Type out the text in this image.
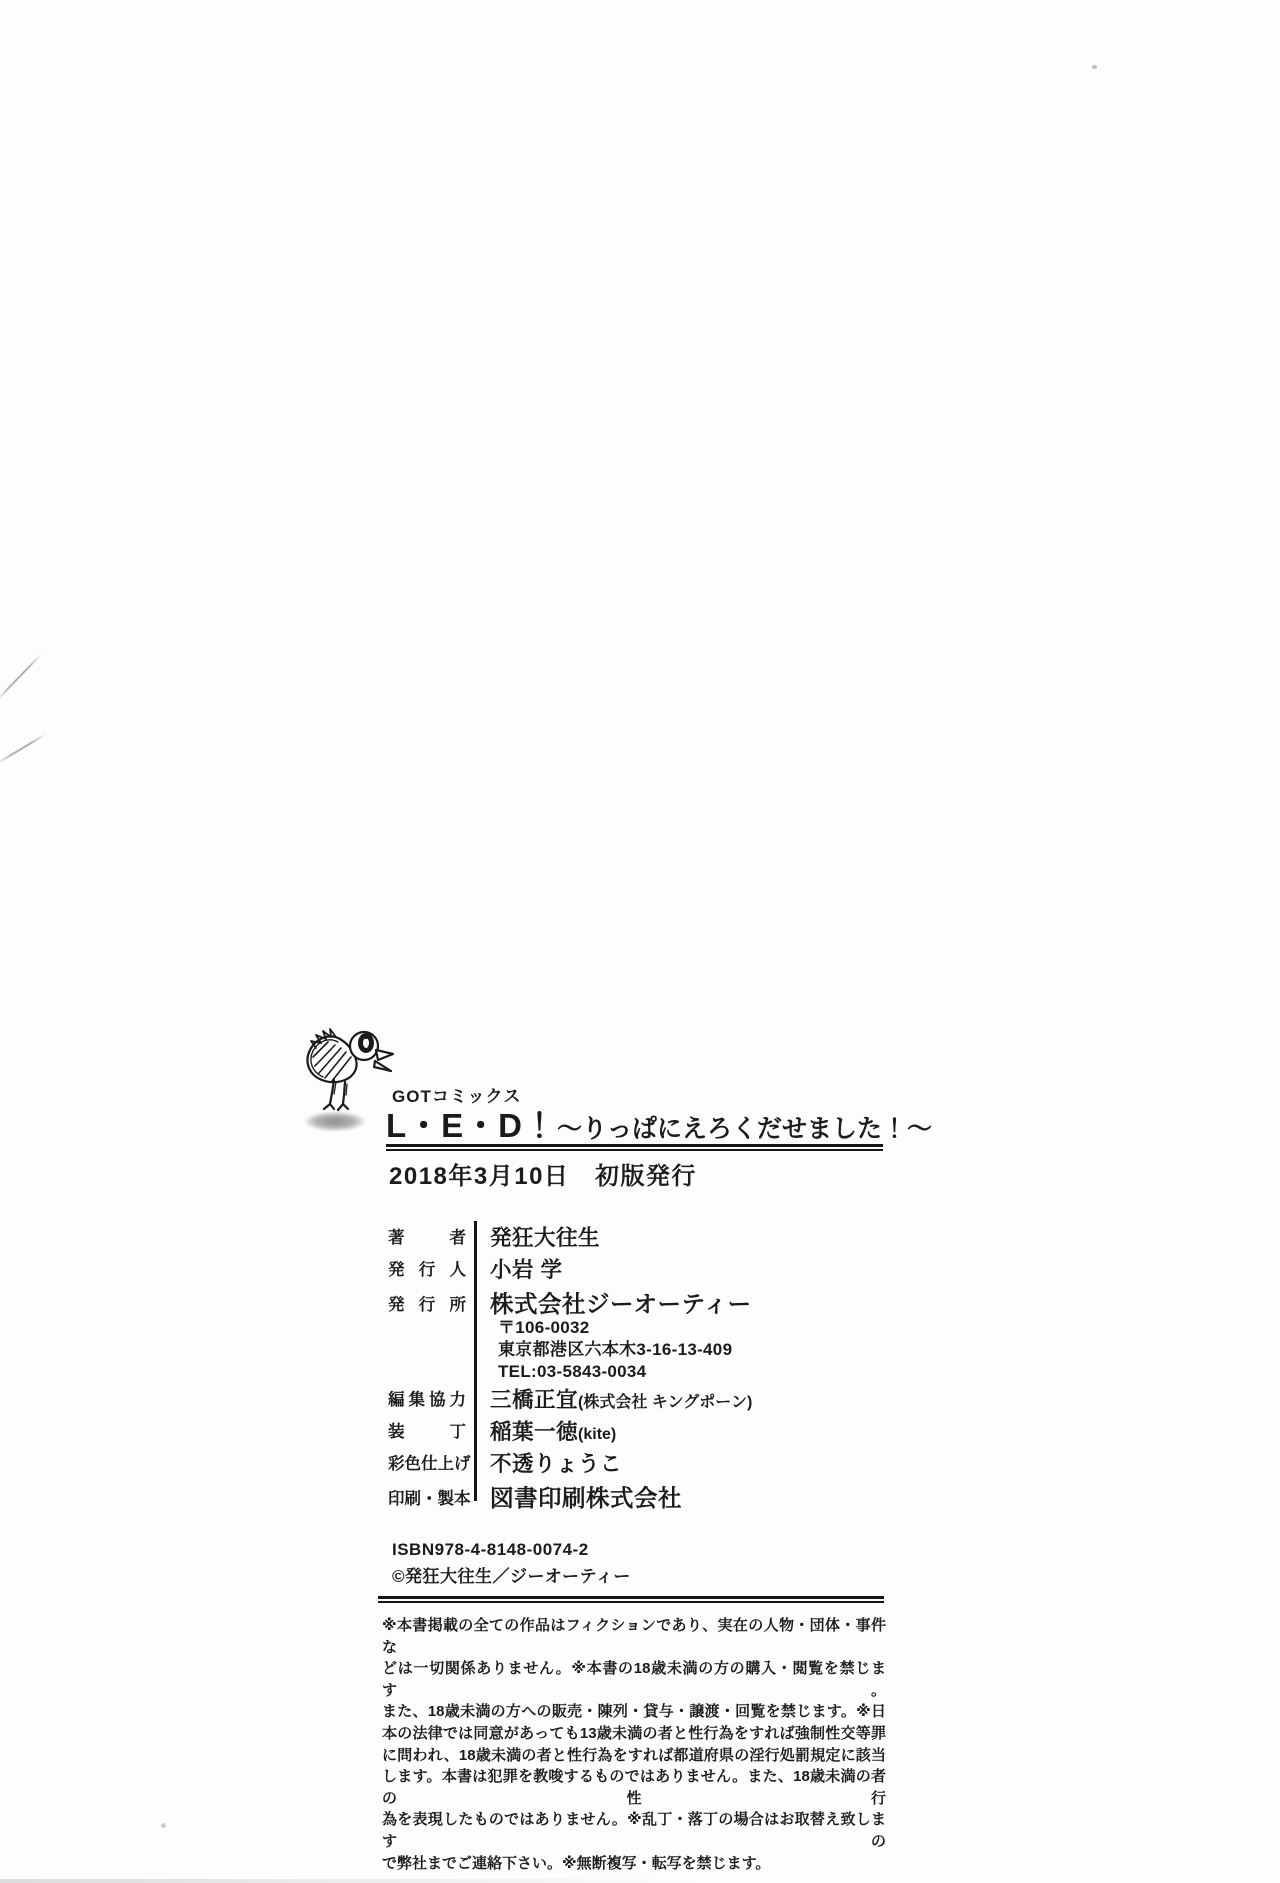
GOTコミックス
L・E・D！ 〜りっぱにえろくだせました！〜
2018年3月10日　初版発行
著	者 発狂大往生
発 行 人 小岩 学
発 行 所 株式会社ジーオーティー
〒106-0032
東京都港区六本木3-16-13-409
TEL:03-5843-0034
編 集 協 力 三橋正宜 (株式会社 キングポーン)
装	丁 稲葉一徳 (kite)
彩 色 仕 上 げ 不透りょうこ
印 刷 ・ 製 本 図書印刷株式会社
ISBN978-4-8148-0074-2
©発狂大往生／ジーオーティー
※本書掲載の全ての作品はフィクションであり、実在の人物・団体・事件な
どは一切関係ありません。※本書の18歳未満の方の購入・閲覧を禁じます。
また、18歳未満の方への販売・陳列・貸与・譲渡・回覧を禁じます。※日
本の法律では同意があっても13歳未満の者と性行為をすれば強制性交等罪
に問われ、18歳未満の者と性行為をすれば都道府県の淫行処罰規定に該当
します。本書は犯罪を教唆するものではありません。また、18歳未満の者の性行
為を表現したものではありません。※乱丁・落丁の場合はお取替え致しますの
で弊社までご連絡下さい。※無断複写・転写を禁じます。
